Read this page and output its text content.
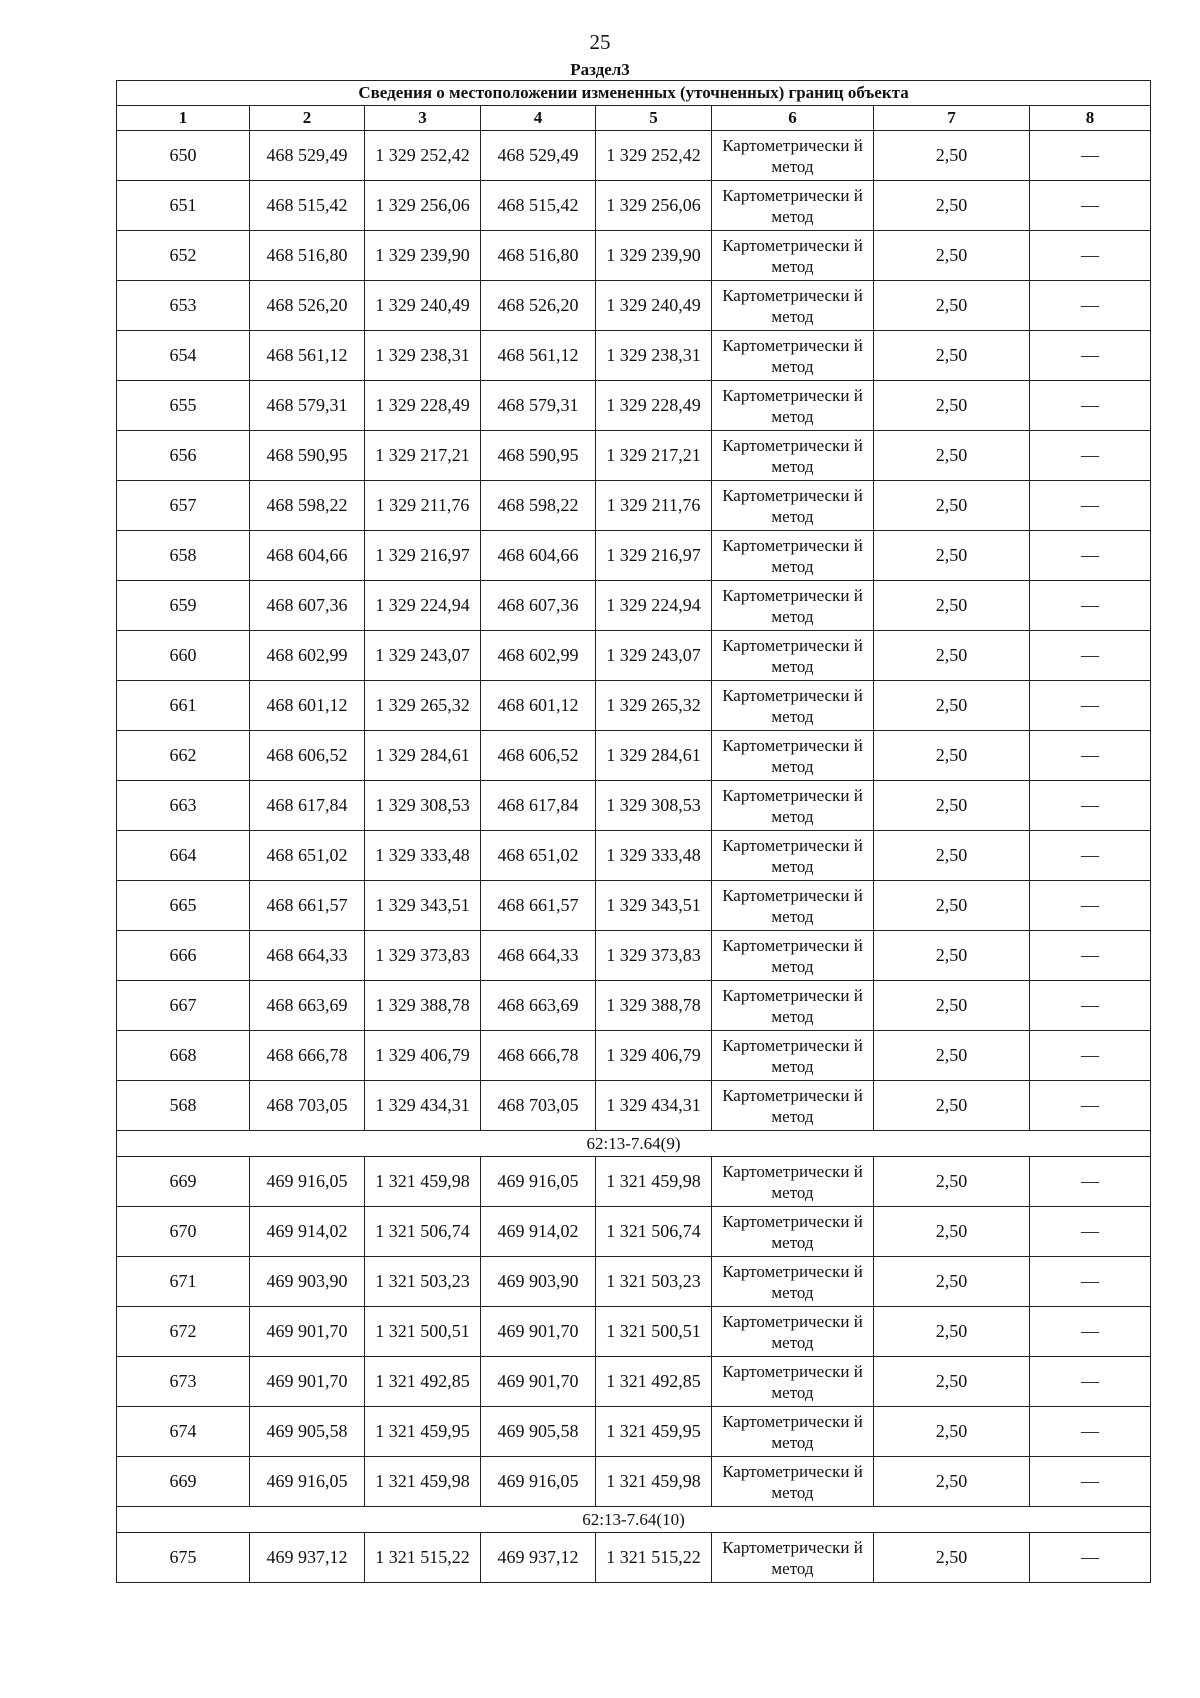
25
Раздел3
Сведения о местоположении измененных (уточненных) границ объекта							
1	2	3	4	5	6	7	8
650	468 529,49	1 329 252,42	468 529,49	1 329 252,42	Картометрически й метод	2,50	—
651	468 515,42	1 329 256,06	468 515,42	1 329 256,06	Картометрически й метод	2,50	—
652	468 516,80	1 329 239,90	468 516,80	1 329 239,90	Картометрически й метод	2,50	—
653	468 526,20	1 329 240,49	468 526,20	1 329 240,49	Картометрически й метод	2,50	—
654	468 561,12	1 329 238,31	468 561,12	1 329 238,31	Картометрически й метод	2,50	—
655	468 579,31	1 329 228,49	468 579,31	1 329 228,49	Картометрически й метод	2,50	—
656	468 590,95	1 329 217,21	468 590,95	1 329 217,21	Картометрически й метод	2,50	—
657	468 598,22	1 329 211,76	468 598,22	1 329 211,76	Картометрически й метод	2,50	—
658	468 604,66	1 329 216,97	468 604,66	1 329 216,97	Картометрически й метод	2,50	—
659	468 607,36	1 329 224,94	468 607,36	1 329 224,94	Картометрически й метод	2,50	—
660	468 602,99	1 329 243,07	468 602,99	1 329 243,07	Картометрически й метод	2,50	—
661	468 601,12	1 329 265,32	468 601,12	1 329 265,32	Картометрически й метод	2,50	—
662	468 606,52	1 329 284,61	468 606,52	1 329 284,61	Картометрически й метод	2,50	—
663	468 617,84	1 329 308,53	468 617,84	1 329 308,53	Картометрически й метод	2,50	—
664	468 651,02	1 329 333,48	468 651,02	1 329 333,48	Картометрически й метод	2,50	—
665	468 661,57	1 329 343,51	468 661,57	1 329 343,51	Картометрически й метод	2,50	—
666	468 664,33	1 329 373,83	468 664,33	1 329 373,83	Картометрически й метод	2,50	—
667	468 663,69	1 329 388,78	468 663,69	1 329 388,78	Картометрически й метод	2,50	—
668	468 666,78	1 329 406,79	468 666,78	1 329 406,79	Картометрически й метод	2,50	—
568	468 703,05	1 329 434,31	468 703,05	1 329 434,31	Картометрически й метод	2,50	—
62:13-7.64(9)							
669	469 916,05	1 321 459,98	469 916,05	1 321 459,98	Картометрически й метод	2,50	—
670	469 914,02	1 321 506,74	469 914,02	1 321 506,74	Картометрически й метод	2,50	—
671	469 903,90	1 321 503,23	469 903,90	1 321 503,23	Картометрически й метод	2,50	—
672	469 901,70	1 321 500,51	469 901,70	1 321 500,51	Картометрически й метод	2,50	—
673	469 901,70	1 321 492,85	469 901,70	1 321 492,85	Картометрически й метод	2,50	—
674	469 905,58	1 321 459,95	469 905,58	1 321 459,95	Картометрически й метод	2,50	—
669	469 916,05	1 321 459,98	469 916,05	1 321 459,98	Картометрически й метод	2,50	—
62:13-7.64(10)							
675	469 937,12	1 321 515,22	469 937,12	1 321 515,22	Картометрически й метод	2,50	—
